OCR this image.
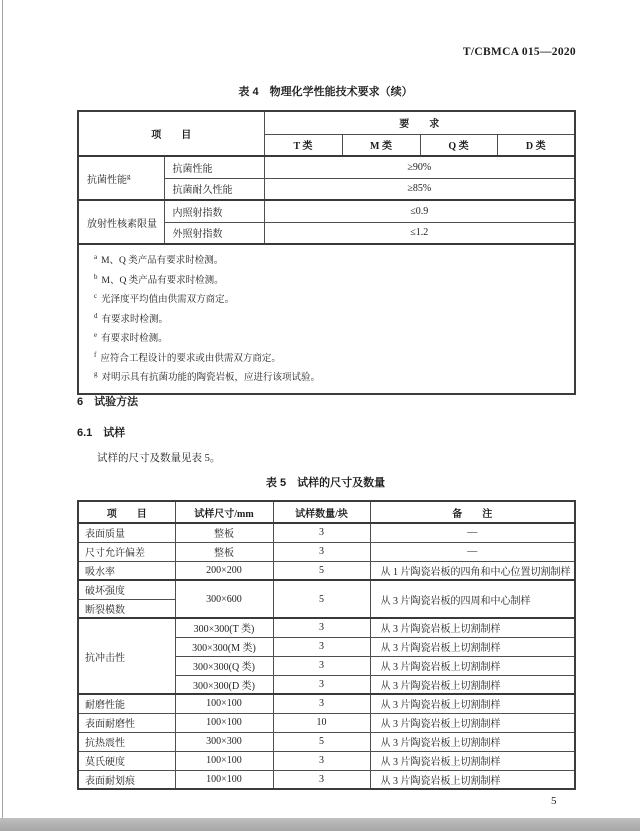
T/CBMCA 015—2020
表 4　物理化学性能技术要求（续）
项　　目		要　　求			
		T 类	M 类	Q 类	D 类
抗菌性能$^g$	抗菌性能	≥90%			
	抗菌耐久性能	≥85%			
放射性核素限量	内照射指数	≤0.9			
	外照射指数	≤1.2			

$^a$ M、Q 类产品有要求时检测。
$^b$ M、Q 类产品有要求时检测。
$^c$ 光泽度平均值由供需双方商定。
$^d$ 有要求时检测。
$^e$ 有要求时检测。
$^f$ 应符合工程设计的要求或由供需双方商定。
$^g$ 对明示具有抗菌功能的陶瓷岩板，应进行该项试验。
6　试验方法
6.1　试样
试样的尺寸及数量见表 5。
表 5　试样的尺寸及数量
项　　目	试样尺寸/mm	试样数量/块	备　　注
表面质量	整板	3	—
尺寸允许偏差	整板	3	—
吸水率	200×200	5	从 1 片陶瓷岩板的四角和中心位置切割制样
破坏强度	300×600	5	从 3 片陶瓷岩板的四周和中心制样
断裂模数			
抗冲击性	300×300(T 类)	3	从 3 片陶瓷岩板上切割制样
	300×300(M 类)	3	从 3 片陶瓷岩板上切割制样
	300×300(Q 类)	3	从 3 片陶瓷岩板上切割制样
	300×300(D 类)	3	从 3 片陶瓷岩板上切割制样
耐磨性能	100×100	3	从 3 片陶瓷岩板上切割制样
表面耐磨性	100×100	10	从 3 片陶瓷岩板上切割制样
抗热震性	300×300	5	从 3 片陶瓷岩板上切割制样
莫氏硬度	100×100	3	从 3 片陶瓷岩板上切割制样
表面耐划痕	100×100	3	从 3 片陶瓷岩板上切割制样
5
